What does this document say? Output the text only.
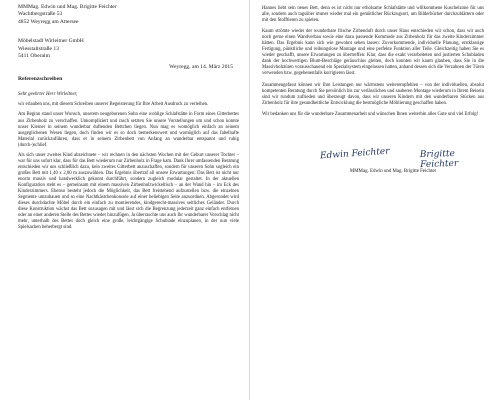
MMMag. Edwin und Mag. Brigitte Feichter
Wachtbergstraße 53
4852 Weyregg am Attersee
Möbelstadl Wirleitner GmbH
Wiesstaltstraße 13
5411 Oberalm
Weyregg, am 14. März 2015
Referenzschreiben
Sehr geehrter Herr Wirleitner,
wir erlauben uns, mit diesem Schreiben unserer Begeisterung für Ihre Arbeit Ausdruck zu verleihen.
Am Beginn stand unser Wunsch, unserem neugeborenen Sohn eine wohlige Schlafstätte in Form eines Gitterbettes aus Zirbenholz zu verschaffen. Unkompliziert und rasch setzten Sie unsere Vorstellungen um und schon konnte unser Kleiner in seinem wunderbar duftenden Bettchen liegen. Nun mag es womöglich einfach an seinem ausgeglichenen Wesen liegen, doch finden wir es so doch bemerkenswert und womöglich auf das fabelhafte Material zurückzuführen, dass er in seinem Zirbenbett von Anfang an wunderbar entspannt und ruhig (durch-)schlief.
Als sich unser zweites Kind abzeichnete – wir rechnen in den nächsten Wochen mit der Geburt unserer Tochter – war für uns sofort klar, dass für das Bett wiederum nur Zirbenholz in Frage kam. Dank Ihrer umfassenden Beratung entschieden wir uns schließlich dazu, kein zweites Gitterbett anzuschaffen, sondern für unseren Sohn sogleich ein großes Bett mit 1,40 x 2,00 m auszuwählen. Das Ergebnis übertraf all unsere Erwartungen: Das Bett ist nicht nur enorm massiv und handwerklich gekonnt durchführt, sondern zugleich modular gestaltet. In der aktuellen Konfiguration steht es – gemeinsam mit einem massiven Zirbenholzwickeltisch – an der Wand hin – im Eck des Kinderzimmers. Ebenso besteht jedoch die Möglichkeit, das Bett freistehend aufzustellen bzw. die einzelnen Segmente umzubauen und so eine Nachtkästchenkonsole auf einer beliebigen Seite anzuordnen. Abgerundet wird dieses durchdachte Möbel durch ein einfach zu montierendes, kindgerecht-massives seitliches Geländer. Durch diese Konstruktion wächst das Bett sozusagen mit und lässt sich die Begrenzung jederzeit ganz einfach entfernen oder an einer anderen Stelle des Bettes wieder hinzufügen. Ja überraschte uns auch Ihr wunderbarer Vorschlag nicht mehr, unterhalb des Bettes doch gleich eine große, leichtgängige Schublade einzuplanen, in der nun viele Spielsachen beherbergt sind.
Hannes liebt sein neues Bett, denn es ist nicht nur erholsame Schlafstätte und willkommene Kuschelzone für uns alle, sondern auch tagsüber immer wieder mal ein gemütlicher Rückzugsort, um Bilderbücher durchzublättern oder mit den Stofftieren zu spielen.
Kaum strömte wieder der wunderbare frische Zirbenduft durch unser Haus entschieden wir schon, dass wir auch noch gerne einen Wandverbau sowie eine dazu passende Kommode aus Zirbenholz für das zweite Kinderzimmer hätten. Das Ergebnis kann sich wie gewohnt sehen lassen: Zuvorkommende, individuelle Planung, erstklassige Fertigung, pünktliche und reibungslose Montage und eine perfekte Funktion aller Teile. Gleichzeitig haben Sie es wieder geschafft, unsere Erwartungen zu übertreffen: Klar, dass die exakt verarbeiteten und justierten Schubladen dank der hochwertigen Blum-Beschläge geräuschlos gleiten, doch konnten wir kaum glauben, dass Sie in die Massivholztüren vorausschauend ein Spezialsystem eingelassen hatten, anhand dessen sich die Verzahnen der Türen verwenden bzw. gegebenenfalls korrigieren lässt.
Zusammengefasst können wir Ihre Leistungen nur wärmstens weiterempfehlen – von der individuellen, absolut kompetenten Beratung durch Sie persönlich bis zur verlässlichen und sauberen Montage wiederum in Ihrem Beisein sind wir rundum zufrieden und überzeugt davon, dass wir unseren Kindern mit den wunderbaren Stücken aus Zirbenholz für ihre gesundheitliche Entwicklung die bestmögliche Möblierung geschaffen haben.
Wir bedanken uns für die wunderbare Zusammenarbeit und wünschen Ihnen weiterhin alles Gute und viel Erfolg!
Edwin Feichter	Brigitte Feichter
MMMag. Edwin und Mag. Brigitte Feichter
